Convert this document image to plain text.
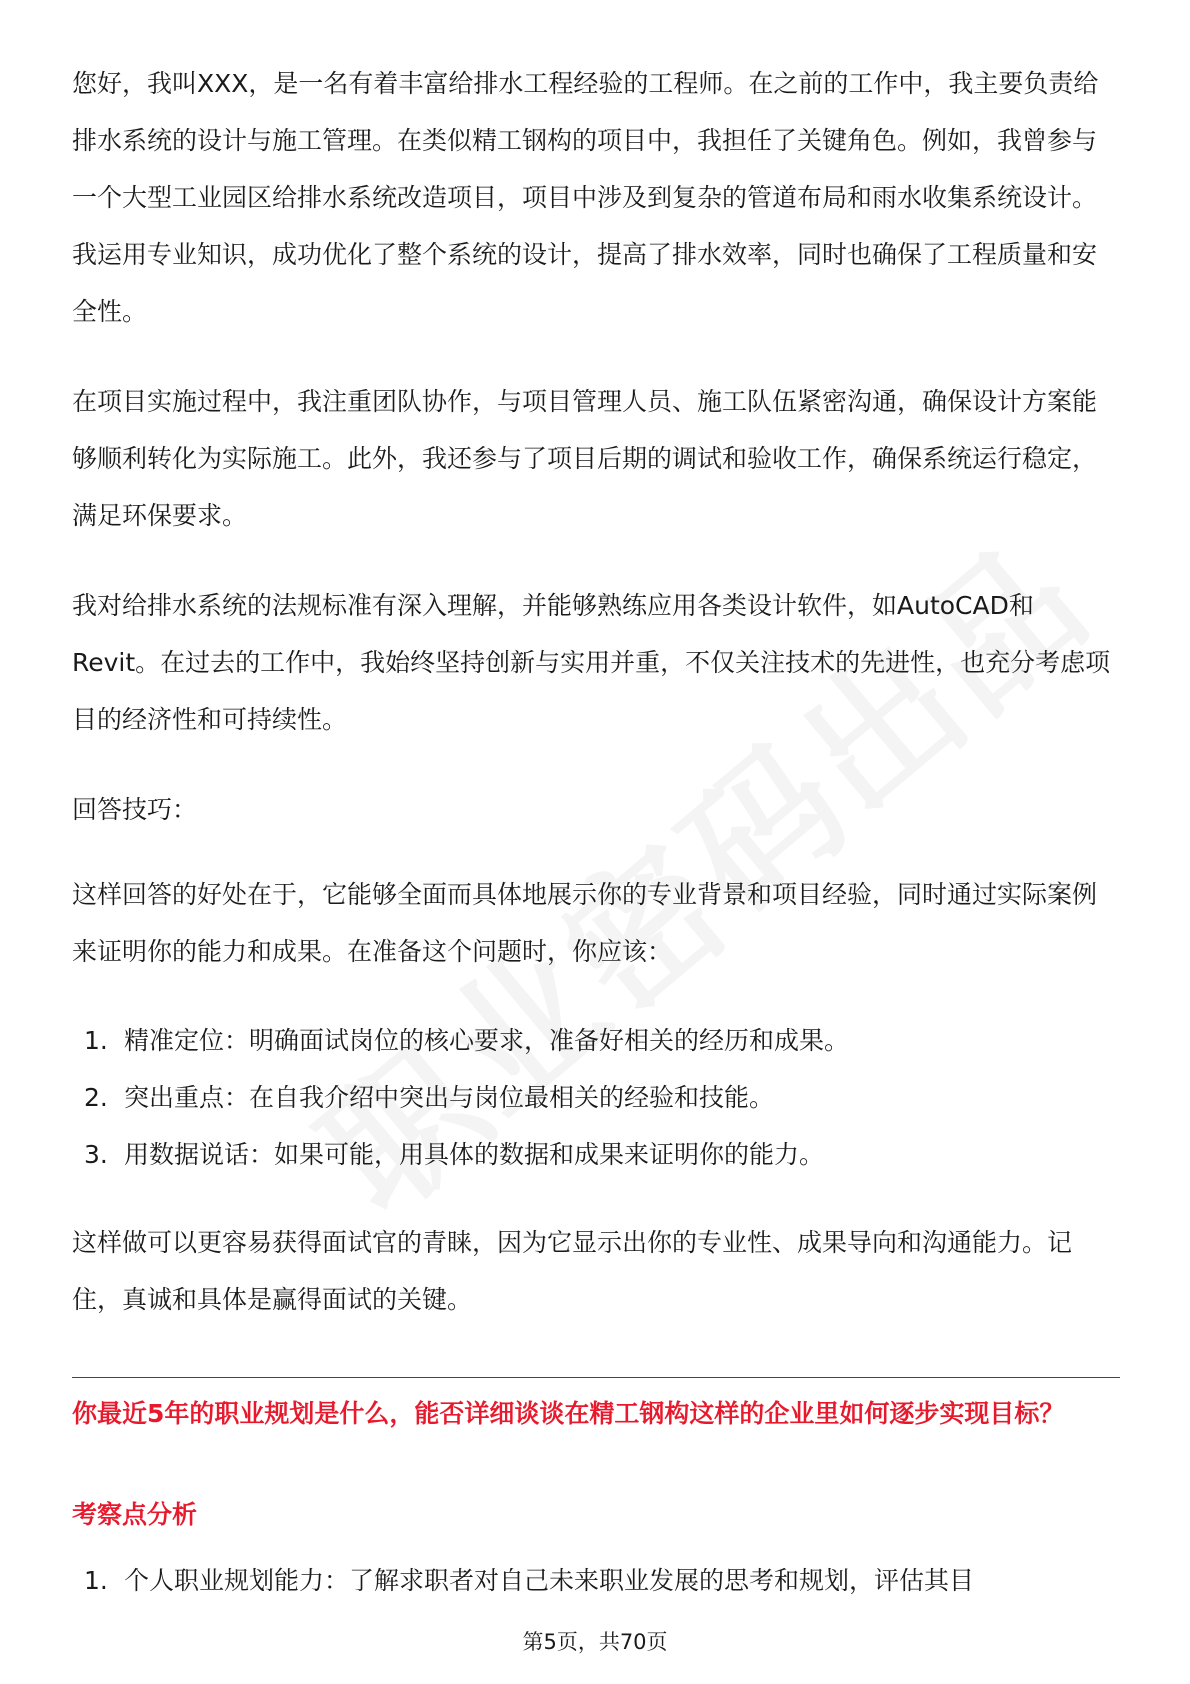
您好，我叫XXX，是一名有着丰富给排水工程经验的工程师。在之前的工作中，我主要负责给排水系统的设计与施工管理。在类似精工钢构的项目中，我担任了关键角色。例如，我曾参与一个大型工业园区给排水系统改造项目，项目中涉及到复杂的管道布局和雨水收集系统设计。我运用专业知识，成功优化了整个系统的设计，提高了排水效率，同时也确保了工程质量和安全性。

在项目实施过程中，我注重团队协作，与项目管理人员、施工队伍紧密沟通，确保设计方案能够顺利转化为实际施工。此外，我还参与了项目后期的调试和验收工作，确保系统运行稳定，满足环保要求。

我对给排水系统的法规标准有深入理解，并能够熟练应用各类设计软件，如AutoCAD和Revit。在过去的工作中，我始终坚持创新与实用并重，不仅关注技术的先进性，也充分考虑项目的经济性和可持续性。

回答技巧：

这样回答的好处在于，它能够全面而具体地展示你的专业背景和项目经验，同时通过实际案例来证明你的能力和成果。在准备这个问题时，你应该：

1. 精准定位：明确面试岗位的核心要求，准备好相关的经历和成果。
2. 突出重点：在自我介绍中突出与岗位最相关的经验和技能。
3. 用数据说话：如果可能，用具体的数据和成果来证明你的能力。

这样做可以更容易获得面试官的青睐，因为它显示出你的专业性、成果导向和沟通能力。记住，真诚和具体是赢得面试的关键。

你最近5年的职业规划是什么，能否详细谈谈在精工钢构这样的企业里如何逐步实现目标？

考察点分析

1. 个人职业规划能力：了解求职者对自己未来职业发展的思考和规划，评估其目
第5页，共70页
